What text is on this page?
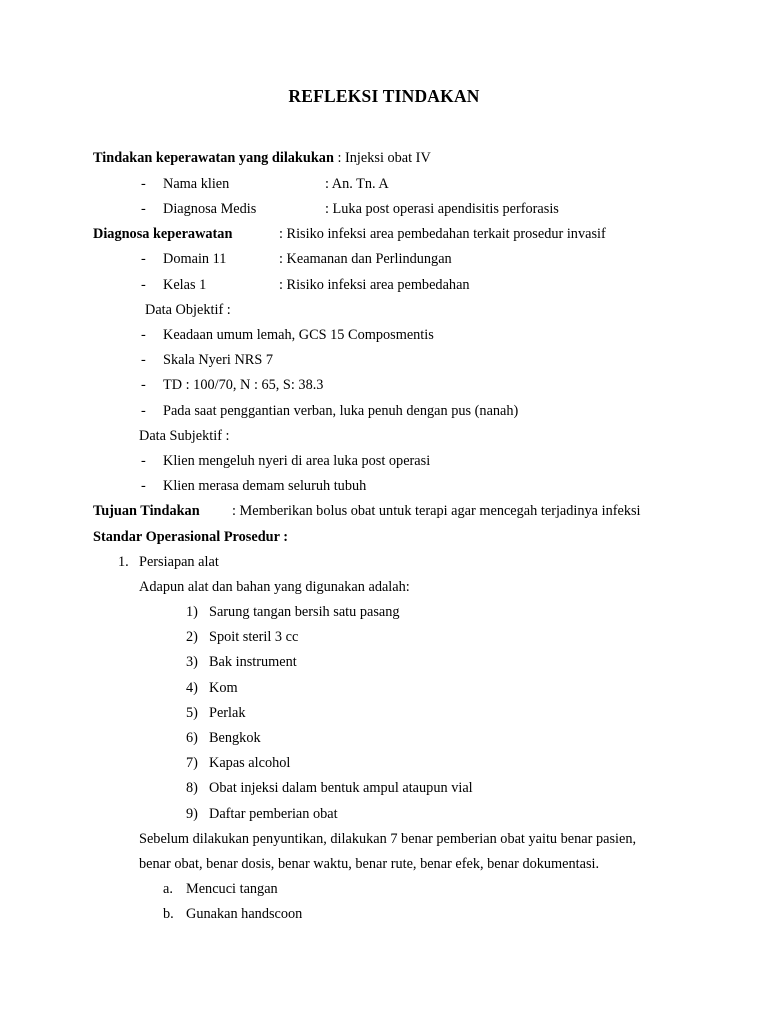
REFLEKSI TINDAKAN
Tindakan keperawatan yang dilakukan : Injeksi obat IV
- Nama klien	: An. Tn. A
- Diagnosa Medis	: Luka post operasi apendisitis perforasis
Diagnosa keperawatan	: Risiko infeksi area pembedahan terkait prosedur invasif
- Domain 11	: Keamanan dan Perlindungan
- Kelas 1	: Risiko infeksi area pembedahan
Data Objektif :
- Keadaan umum lemah, GCS 15 Composmentis
- Skala Nyeri NRS 7
- TD : 100/70, N : 65, S: 38.3
- Pada saat penggantian verban, luka penuh dengan pus (nanah)
Data Subjektif :
- Klien mengeluh nyeri di area luka post operasi
- Klien merasa demam seluruh tubuh
Tujuan Tindakan : Memberikan bolus obat untuk terapi agar mencegah terjadinya infeksi
Standar Operasional Prosedur :
1. Persiapan alat
Adapun alat dan bahan yang digunakan adalah:
1) Sarung tangan bersih satu pasang
2) Spoit steril 3 cc
3) Bak instrument
4) Kom
5) Perlak
6) Bengkok
7) Kapas alcohol
8) Obat injeksi dalam bentuk ampul ataupun vial
9) Daftar pemberian obat
Sebelum dilakukan penyuntikan, dilakukan 7 benar pemberian obat yaitu benar pasien,
benar obat, benar dosis, benar waktu, benar rute, benar efek, benar dokumentasi.
a. Mencuci tangan
b. Gunakan handscoon
